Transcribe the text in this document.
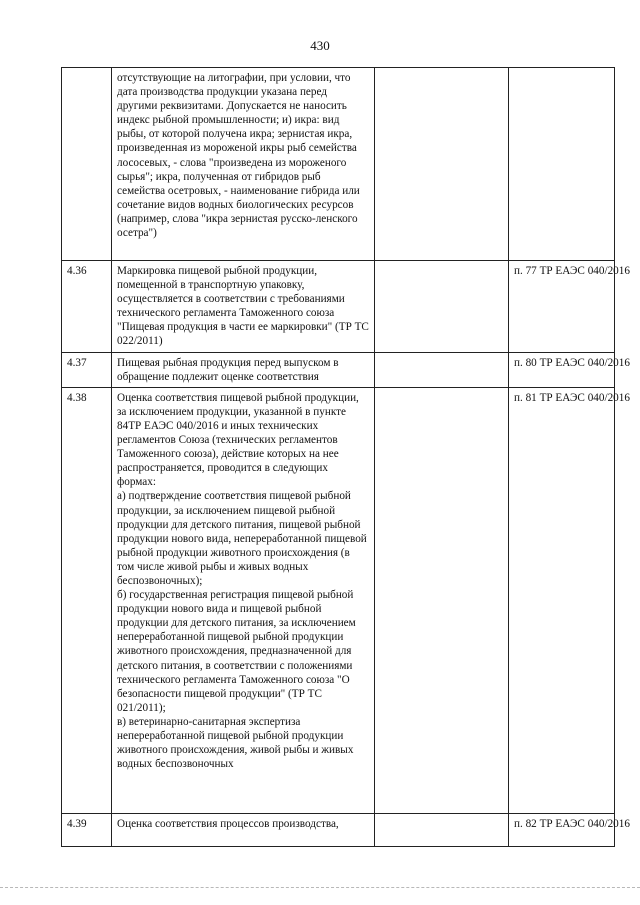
430

	отсутствующие на литографии, при условии, что дата производства продукции указана перед другими реквизитами. Допускается не наносить индекс рыбной промышленности; и) икра: вид рыбы, от которой получена икра; зернистая икра, произведенная из мороженой икры рыб семейства лососевых, - слова "произведена из мороженого сырья"; икра, полученная от гибридов рыб семейства осетровых, - наименование гибрида или сочетание видов водных биологических ресурсов (например, слова "икра зернистая русско-ленского осетра")		

4.36	Маркировка пищевой рыбной продукции, помещенной в транспортную упаковку, осуществляется в соответствии с требованиями технического регламента Таможенного союза "Пищевая продукция в части ее маркировки" (ТР ТС 022/2011)		п. 77 ТР ЕАЭС 040/2016
4.37	Пищевая рыбная продукция перед выпуском в обращение подлежит оценке соответствия		п. 80 ТР ЕАЭС 040/2016
4.38	Оценка соответствия пищевой рыбной продукции, за исключением продукции, указанной в пункте 84ТР ЕАЭС 040/2016 и иных технических регламентов Союза (технических регламентов Таможенного союза), действие которых на нее распространяется, проводится в следующих формах:
а) подтверждение соответствия пищевой рыбной продукции, за исключением пищевой рыбной продукции для детского питания, пищевой рыбной продукции нового вида, непереработанной пищевой рыбной продукции животного происхождения (в том числе живой рыбы и живых водных беспозвоночных);
б) государственная регистрация пищевой рыбной продукции нового вида и пищевой рыбной продукции для детского питания, за исключением непереработанной пищевой рыбной продукции животного происхождения, предназначенной для детского питания, в соответствии с положениями технического регламента Таможенного союза "О безопасности пищевой продукции" (ТР ТС 021/2011);
в) ветеринарно-санитарная экспертиза непереработанной пищевой рыбной продукции животного происхождения, живой рыбы и живых водных беспозвоночных		п. 81 ТР ЕАЭС 040/2016
4.39	Оценка соответствия процессов производства,		п. 82 ТР ЕАЭС 040/2016
